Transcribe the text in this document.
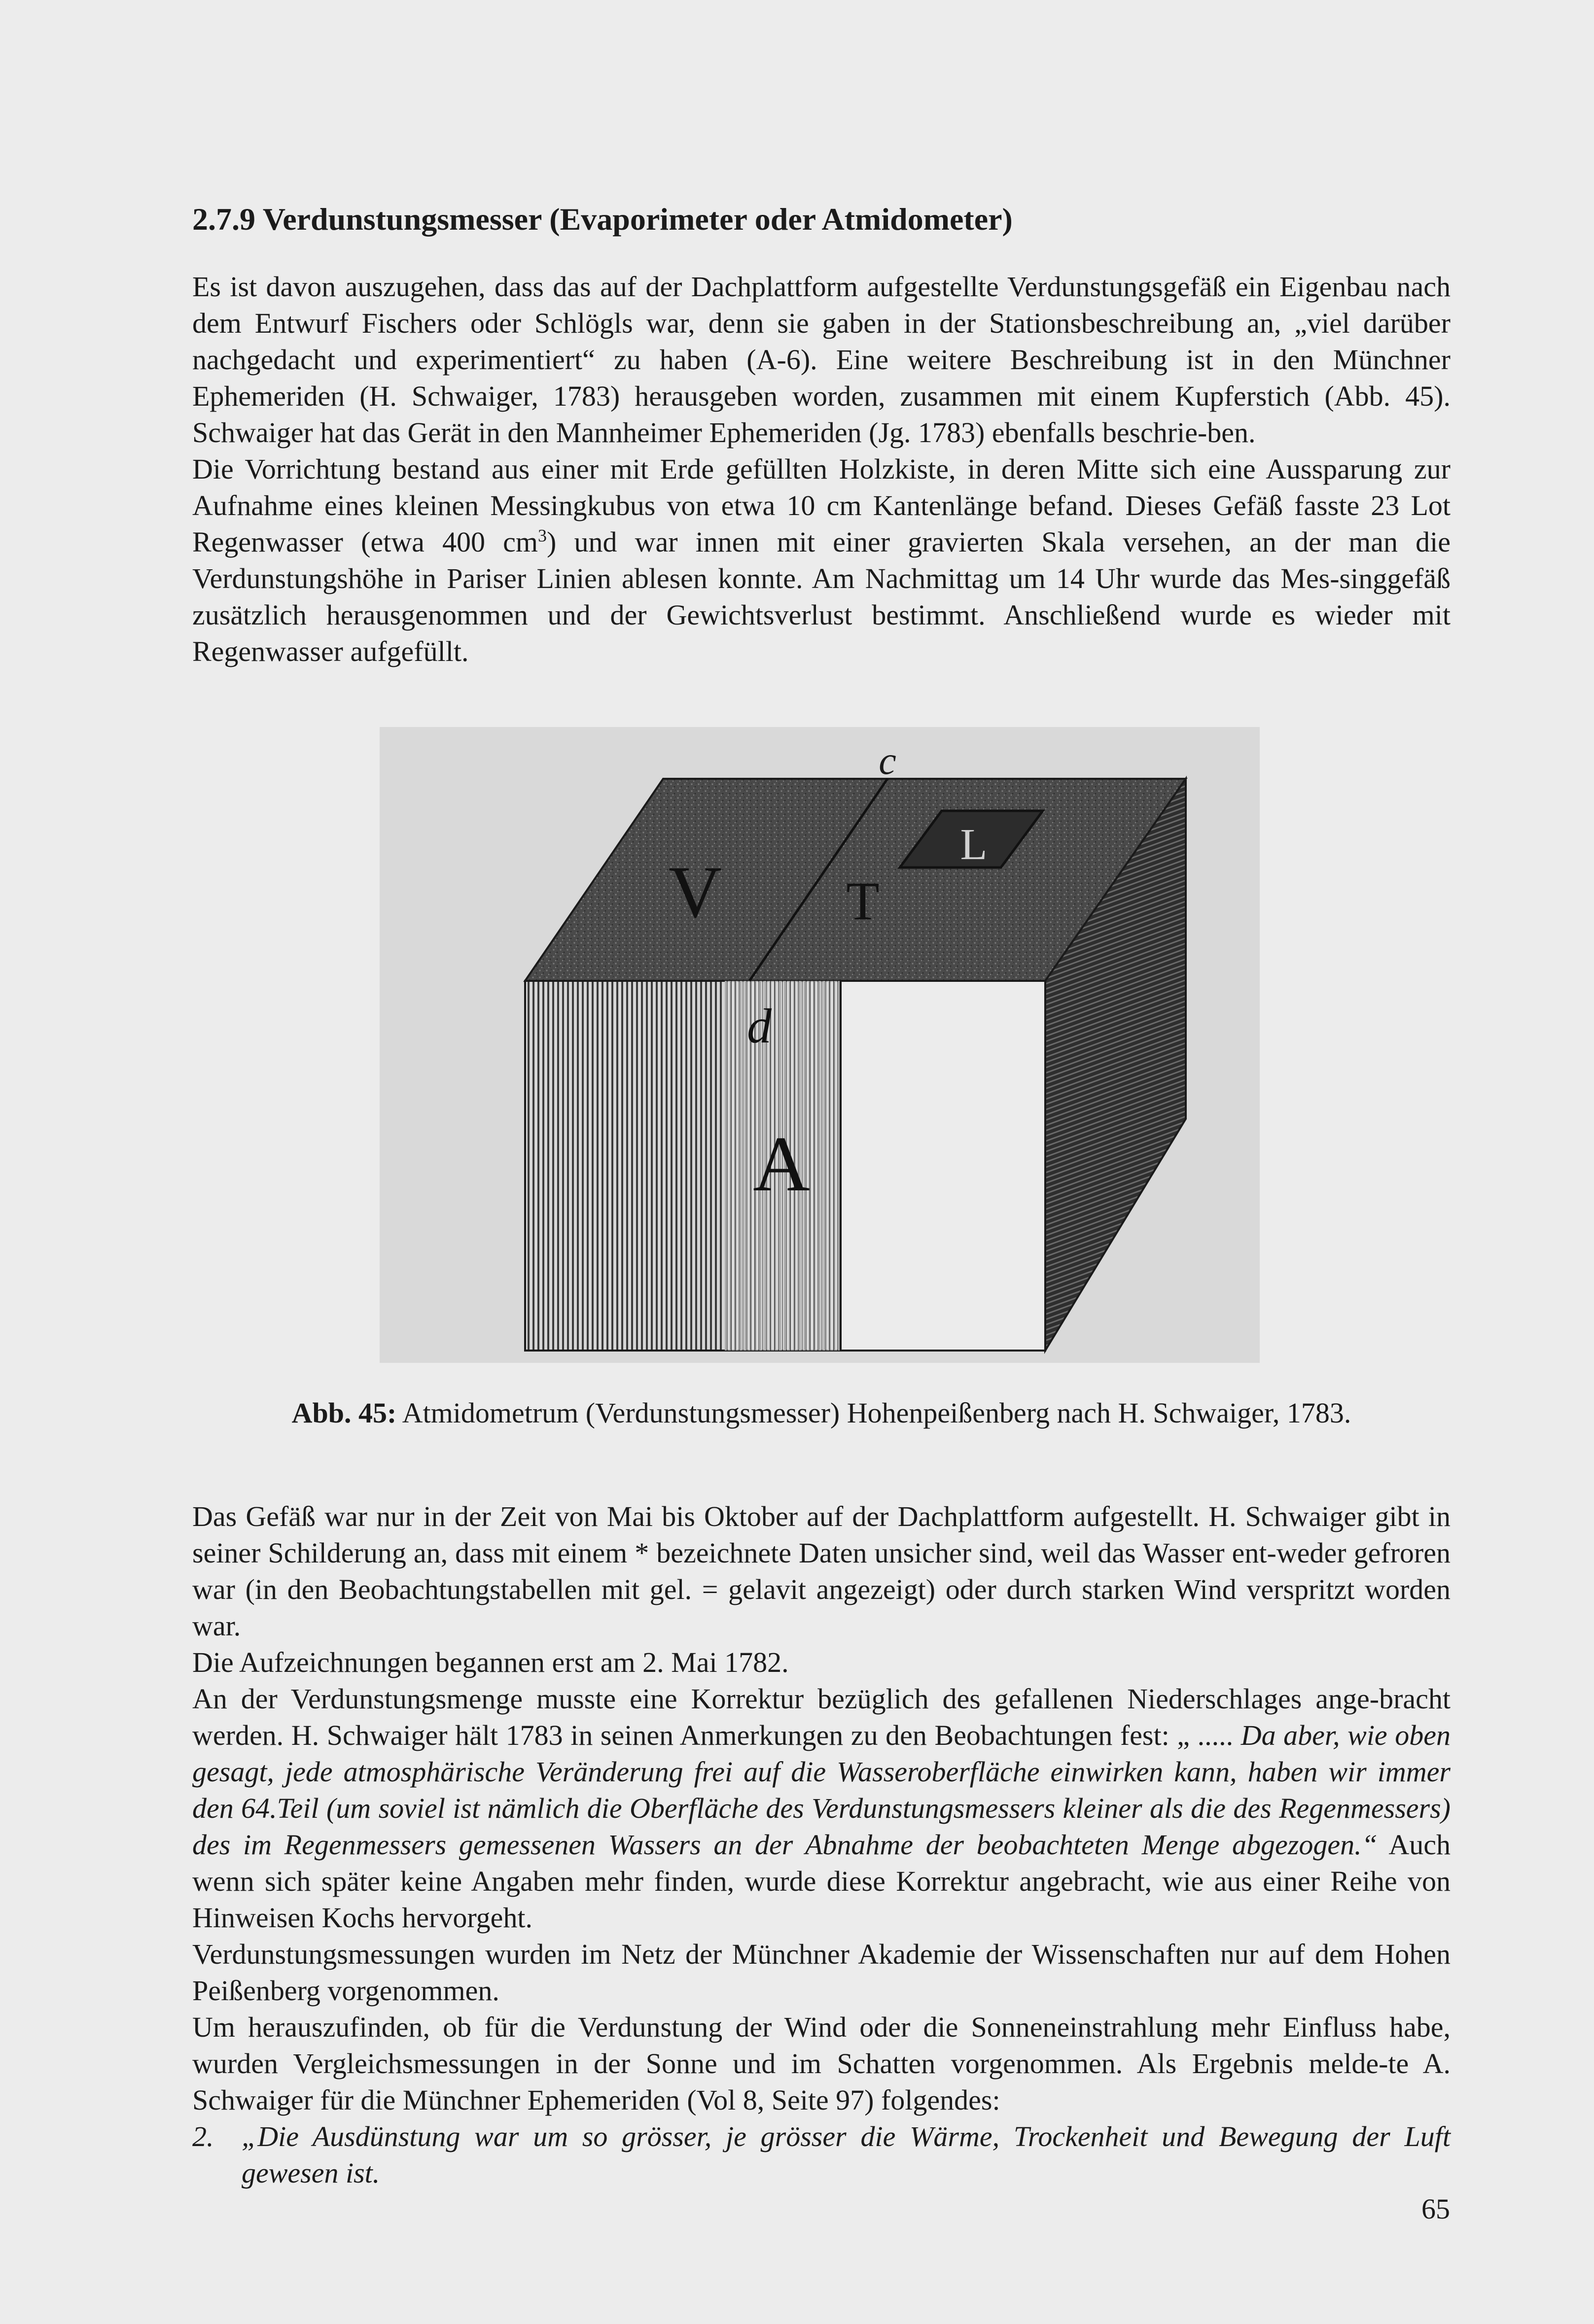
2.7.9 Verdunstungsmesser (Evaporimeter oder Atmidometer)

Es ist davon auszugehen, dass das auf der Dachplattform aufgestellte Verdunstungsgefäß ein Eigenbau nach dem Entwurf Fischers oder Schlögls war, denn sie gaben in der Stationsbeschreibung an, „viel darüber nachgedacht und experimentiert“ zu haben (A-6). Eine weitere Beschreibung ist in den Münchner Ephemeriden (H. Schwaiger, 1783) herausgeben worden, zusammen mit einem Kupferstich (Abb. 45). Schwaiger hat das Gerät in den Mannheimer Ephemeriden (Jg. 1783) ebenfalls beschrie-ben.

Die Vorrichtung bestand aus einer mit Erde gefüllten Holzkiste, in deren Mitte sich eine Aussparung zur Aufnahme eines kleinen Messingkubus von etwa 10 cm Kantenlänge befand. Dieses Gefäß fasste 23 Lot Regenwasser (etwa 400 $cm^3$) und war innen mit einer gravierten Skala versehen, an der man die Verdunstungshöhe in Pariser Linien ablesen konnte. Am Nachmittag um 14 Uhr wurde das Mes-singgefäß zusätzlich herausgenommen und der Gewichtsverlust bestimmt. Anschließend wurde es wieder mit Regenwasser aufgefüllt.

c
V T
L
d
A
Abb. 45: Atmidometrum (Verdunstungsmesser) Hohenpeißenberg nach H. Schwaiger, 1783.

Das Gefäß war nur in der Zeit von Mai bis Oktober auf der Dachplattform aufgestellt. H. Schwaiger gibt in seiner Schilderung an, dass mit einem * bezeichnete Daten unsicher sind, weil das Wasser ent-weder gefroren war (in den Beobachtungstabellen mit gel. = gelavit angezeigt) oder durch starken Wind verspritzt worden war.

Die Aufzeichnungen begannen erst am 2. Mai 1782.

An der Verdunstungsmenge musste eine Korrektur bezüglich des gefallenen Niederschlages ange-bracht werden. H. Schwaiger hält 1783 in seinen Anmerkungen zu den Beobachtungen fest: „ ..... Da aber, wie oben gesagt, jede atmosphärische Veränderung frei auf die Wasseroberfläche einwirken kann, haben wir immer den 64.Teil (um soviel ist nämlich die Oberfläche des Verdunstungsmessers kleiner als die des Regenmessers) des im Regenmessers gemessenen Wassers an der Abnahme der beobachteten Menge abgezogen.“ Auch wenn sich später keine Angaben mehr finden, wurde diese Korrektur angebracht, wie aus einer Reihe von Hinweisen Kochs hervorgeht.

Verdunstungsmessungen wurden im Netz der Münchner Akademie der Wissenschaften nur auf dem Hohen Peißenberg vorgenommen.

Um herauszufinden, ob für die Verdunstung der Wind oder die Sonneneinstrahlung mehr Einfluss habe, wurden Vergleichsmessungen in der Sonne und im Schatten vorgenommen. Als Ergebnis melde-te A. Schwaiger für die Münchner Ephemeriden (Vol 8, Seite 97) folgendes:

2. „Die Ausdünstung war um so grösser, je grösser die Wärme, Trockenheit und Bewegung der Luft gewesen ist.
65
